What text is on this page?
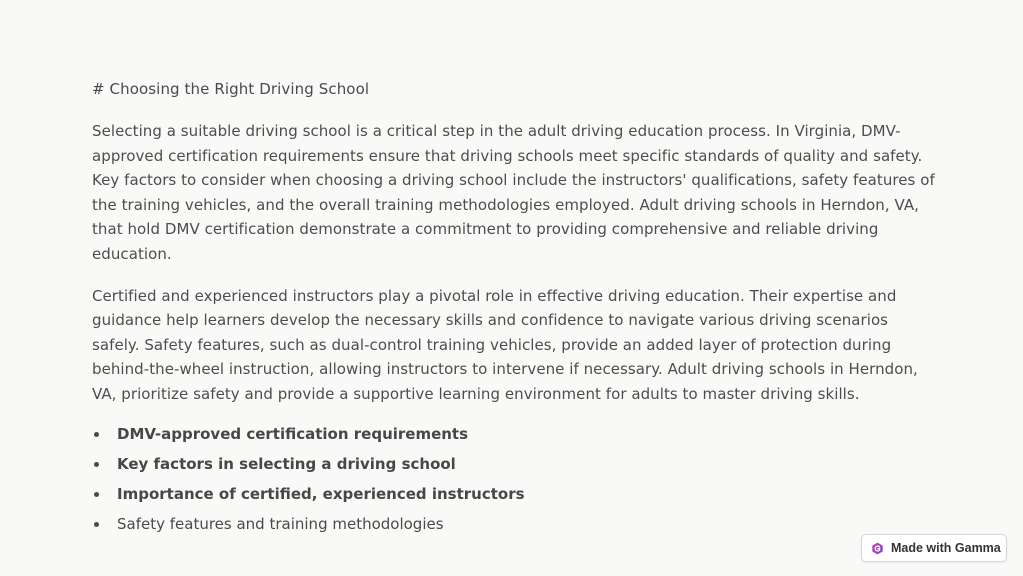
# Choosing the Right Driving School

Selecting a suitable driving school is a critical step in the adult driving education process. In Virginia, DMV-approved certification requirements ensure that driving schools meet specific standards of quality and safety. Key factors to consider when choosing a driving school include the instructors' qualifications, safety features of the training vehicles, and the overall training methodologies employed. Adult driving schools in Herndon, VA, that hold DMV certification demonstrate a commitment to providing comprehensive and reliable driving education.

Certified and experienced instructors play a pivotal role in effective driving education. Their expertise and guidance help learners develop the necessary skills and confidence to navigate various driving scenarios safely. Safety features, such as dual-control training vehicles, provide an added layer of protection during behind-the-wheel instruction, allowing instructors to intervene if necessary. Adult driving schools in Herndon, VA, prioritize safety and provide a supportive learning environment for adults to master driving skills.

DMV-approved certification requirements
Key factors in selecting a driving school
Importance of certified, experienced instructors
Safety features and training methodologies
Made with Gamma
